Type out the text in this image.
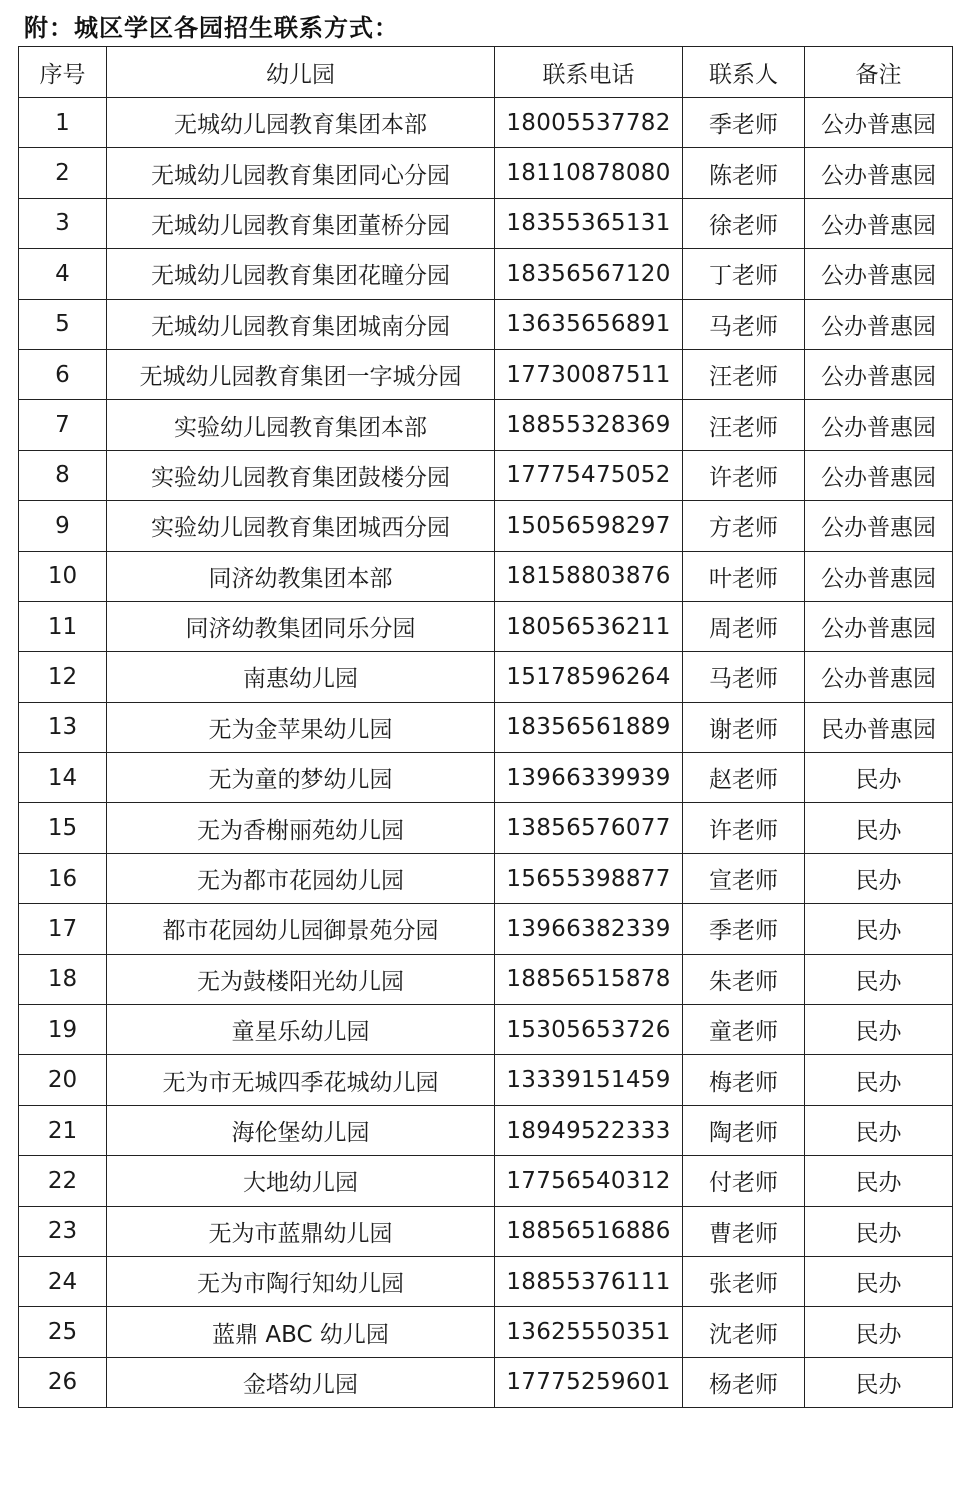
附：城区学区各园招生联系方式：
序号	幼儿园	联系电话	联系人	备注
1	无城幼儿园教育集团本部	18005537782	季老师	公办普惠园
2	无城幼儿园教育集团同心分园	18110878080	陈老师	公办普惠园
3	无城幼儿园教育集团董桥分园	18355365131	徐老师	公办普惠园
4	无城幼儿园教育集团花瞳分园	18356567120	丁老师	公办普惠园
5	无城幼儿园教育集团城南分园	13635656891	马老师	公办普惠园
6	无城幼儿园教育集团一字城分园	17730087511	汪老师	公办普惠园
7	实验幼儿园教育集团本部	18855328369	汪老师	公办普惠园
8	实验幼儿园教育集团鼓楼分园	17775475052	许老师	公办普惠园
9	实验幼儿园教育集团城西分园	15056598297	方老师	公办普惠园
10	同济幼教集团本部	18158803876	叶老师	公办普惠园
11	同济幼教集团同乐分园	18056536211	周老师	公办普惠园
12	南惠幼儿园	15178596264	马老师	公办普惠园
13	无为金苹果幼儿园	18356561889	谢老师	民办普惠园
14	无为童的梦幼儿园	13966339939	赵老师	民办
15	无为香榭丽苑幼儿园	13856576077	许老师	民办
16	无为都市花园幼儿园	15655398877	宣老师	民办
17	都市花园幼儿园御景苑分园	13966382339	季老师	民办
18	无为鼓楼阳光幼儿园	18856515878	朱老师	民办
19	童星乐幼儿园	15305653726	童老师	民办
20	无为市无城四季花城幼儿园	13339151459	梅老师	民办
21	海伦堡幼儿园	18949522333	陶老师	民办
22	大地幼儿园	17756540312	付老师	民办
23	无为市蓝鼎幼儿园	18856516886	曹老师	民办
24	无为市陶行知幼儿园	18855376111	张老师	民办
25	蓝鼎 ABC 幼儿园	13625550351	沈老师	民办
26	金塔幼儿园	17775259601	杨老师	民办
